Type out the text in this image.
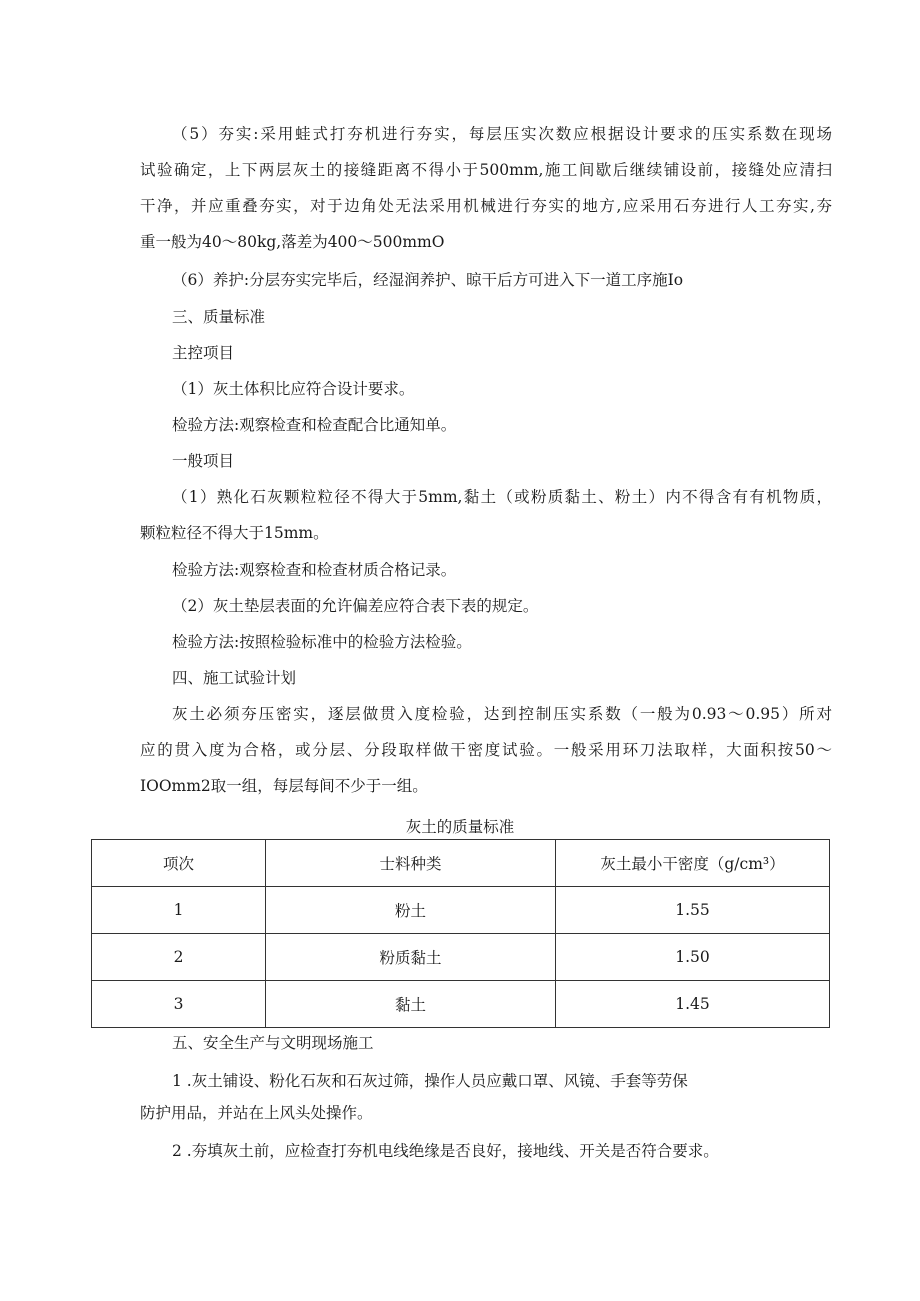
（5）夯实:采用蛙式打夯机进行夯实，每层压实次数应根据设计要求的压实系数在现场
试验确定，上下两层灰土的接缝距离不得小于500mm,施工间歇后继续铺设前，接缝处应清扫
干净，并应重叠夯实，对于边角处无法采用机械进行夯实的地方,应采用石夯进行人工夯实,夯
重一般为40～80kg,落差为400～500mmO
（6）养护:分层夯实完毕后，经湿润养护、晾干后方可进入下一道工序施Io
三、质量标准
主控项目
（1）灰土体积比应符合设计要求。
检验方法:观察检查和检查配合比通知单。
一般项目
（1）熟化石灰颗粒粒径不得大于5mm,黏土（或粉质黏土、粉土）内不得含有有机物质，
颗粒粒径不得大于15mm。
检验方法:观察检查和检查材质合格记录。
（2）灰土垫层表面的允许偏差应符合表下表的规定。
检验方法:按照检验标准中的检验方法检验。
四、施工试验计划
灰土必须夯压密实，逐层做贯入度检验，达到控制压实系数（一般为0.93～0.95）所对
应的贯入度为合格，或分层、分段取样做干密度试验。一般采用环刀法取样，大面积按50～
IOOmm2取一组，每层每间不少于一组。
灰土的质量标准
项次	士料种类	灰土最小干密度（g/cm³）
1	粉土	1.55
2	粉质黏土	1.50
3	黏土	1.45
五、安全生产与文明现场施工
1 .灰土铺设、粉化石灰和石灰过筛，操作人员应戴口罩、风镜、手套等劳保
防护用品，并站在上风头处操作。
2 .夯填灰土前，应检查打夯机电线绝缘是否良好，接地线、开关是否符合要求。
